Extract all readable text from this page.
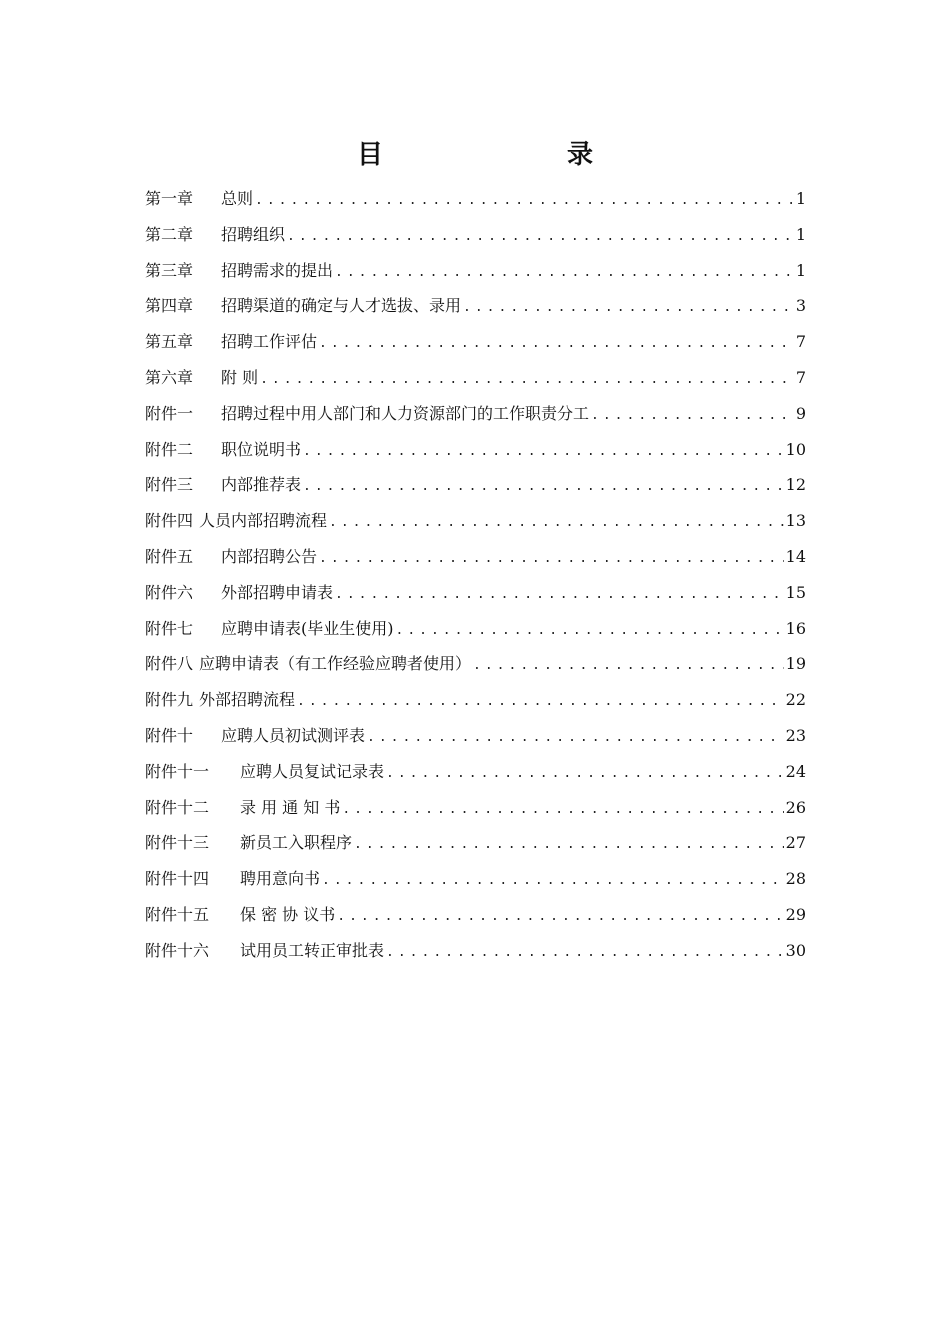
目　　录
第一章	总则 .....	1
第二章	招聘组织 .....	1
第三章	招聘需求的提出 .....	1
第四章	招聘渠道的确定与人才选拔、录用 .....	3
第五章	招聘工作评估 .....	7
第六章	附 则 .....	7
附件一	招聘过程中用人部门和人力资源部门的工作职责分工 .....	9
附件二	职位说明书 .....	10
附件三	内部推荐表 .....	12
附件四 人员内部招聘流程 .....	13
附件五	内部招聘公告 .....	14
附件六	外部招聘申请表 .....	15
附件七	应聘申请表(毕业生使用) .....	16
附件八 应聘申请表（有工作经验应聘者使用） .....	19
附件九 外部招聘流程 .....	22
附件十	应聘人员初试测评表 .....	23
附件十一	应聘人员复试记录表 .....	24
附件十二	录 用 通 知 书 .....	26
附件十三	新员工入职程序 .....	27
附件十四	聘用意向书 .....	28
附件十五	保 密 协 议书 .....	29
附件十六	试用员工转正审批表 .....	30
